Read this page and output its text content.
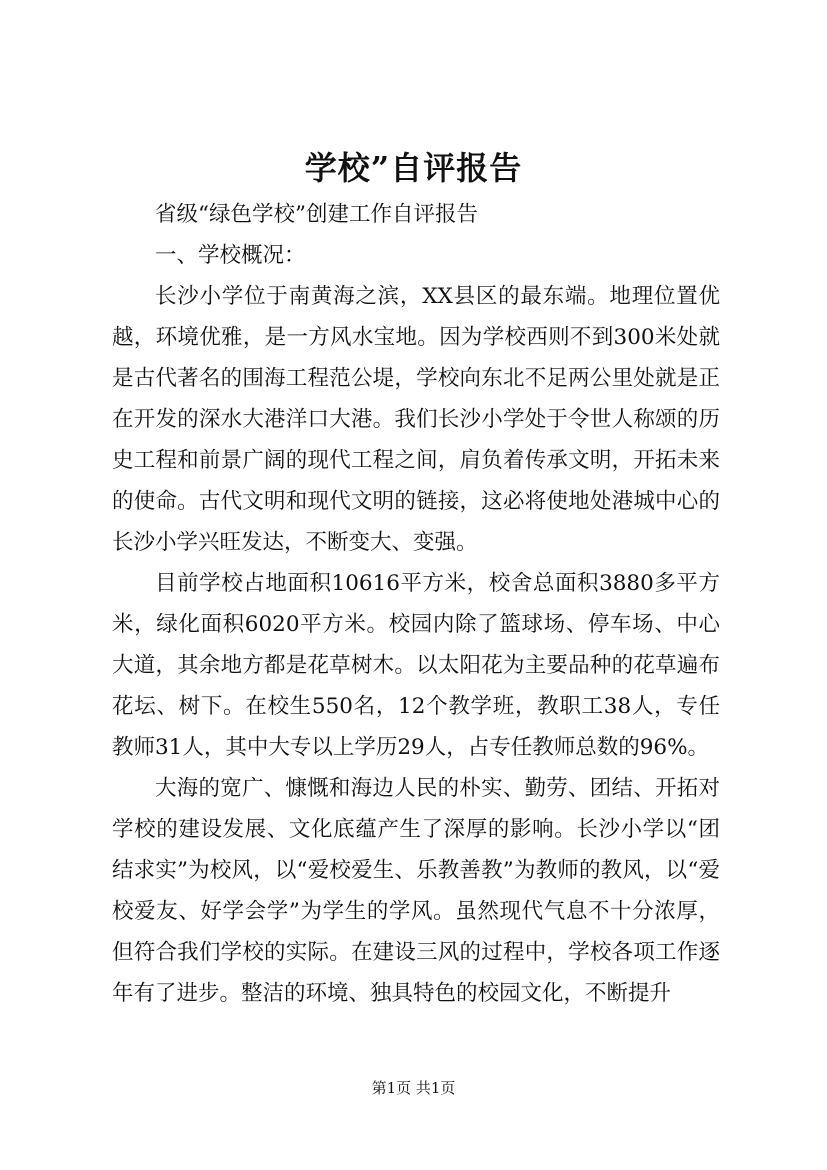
学校”自评报告

省级“绿色学校”创建工作自评报告

一、学校概况：

长沙小学位于南黄海之滨，XX县区的最东端。地理位置优越，环境优雅，是一方风水宝地。因为学校西则不到300米处就是古代著名的围海工程范公堤，学校向东北不足两公里处就是正在开发的深水大港洋口大港。我们长沙小学处于令世人称颂的历史工程和前景广阔的现代工程之间，肩负着传承文明，开拓未来的使命。古代文明和现代文明的链接，这必将使地处港城中心的长沙小学兴旺发达，不断变大、变强。

目前学校占地面积10616平方米，校舍总面积3880多平方米，绿化面积6020平方米。校园内除了篮球场、停车场、中心大道，其余地方都是花草树木。以太阳花为主要品种的花草遍布花坛、树下。在校生550名，12个教学班，教职工38人，专任教师31人，其中大专以上学历29人，占专任教师总数的96%。

大海的宽广、慷慨和海边人民的朴实、勤劳、团结、开拓对学校的建设发展、文化底蕴产生了深厚的影响。长沙小学以“团结求实”为校风，以“爱校爱生、乐教善教”为教师的教风，以“爱校爱友、好学会学”为学生的学风。虽然现代气息不十分浓厚，但符合我们学校的实际。在建设三风的过程中，学校各项工作逐年有了进步。整洁的环境、独具特色的校园文化，不断提升

第1页 共1页
